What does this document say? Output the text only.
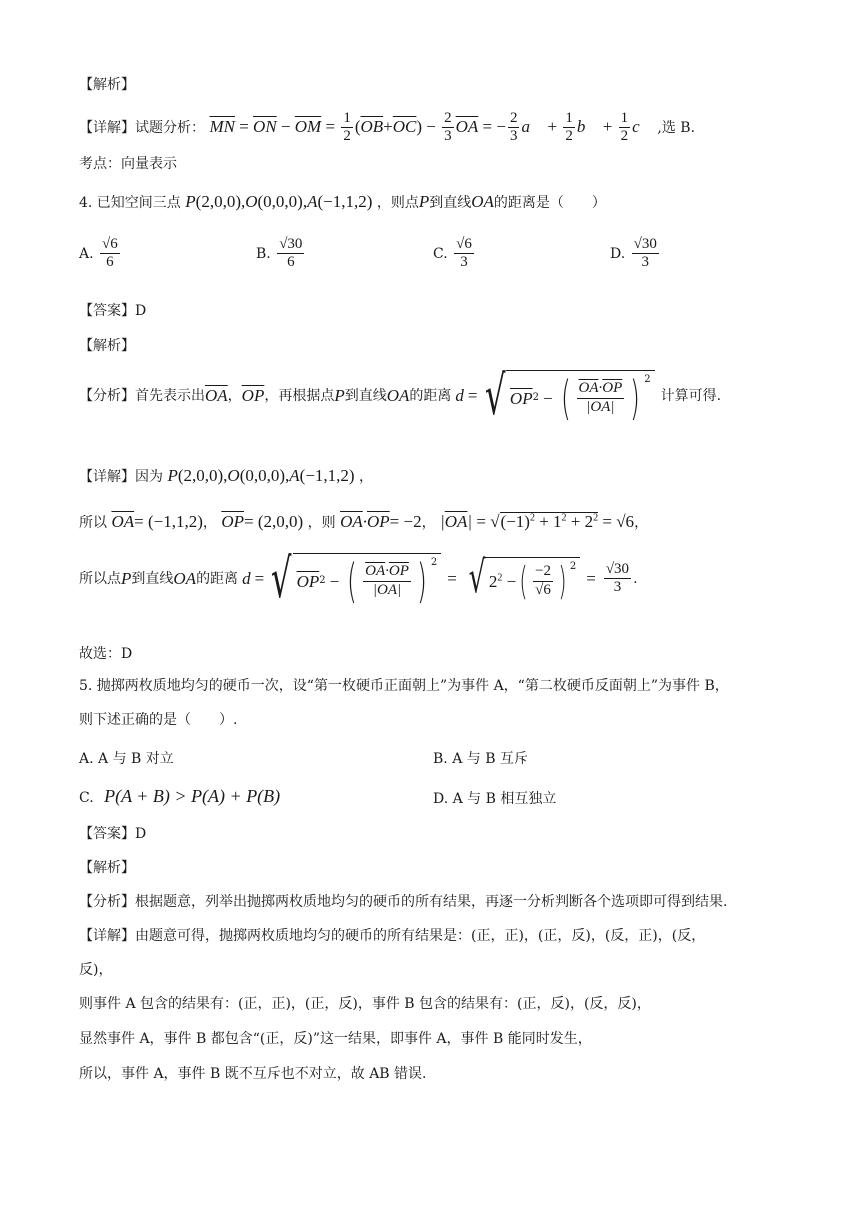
【解析】
【详解】试题分析： $\overline{MN} = \overline{ON} - \overline{OM} = \frac{1}{2} (\overline{OB}+\overline{OC}) - \frac{2}{3} \overline{OA}$ = − $\frac{2}{3}$ a⃗ + $\frac{1}{2}$ b⃗ + $\frac{1}{2}$ c⃗ ,选 B.
考点：向量表示
4. 已知空间三点 P(2,0,0),O(0,0,0),A(−1,1,2) ，则点P到直线OA的距离是（　　）
A. $\frac{√6}{6}$	B. $\frac{√30}{6}$	C. $\frac{√6}{3}$	D. $\frac{√30}{3}$
【答案】D
【解析】
【分析】首先表示出 $\overline{OA}$ ， $\overline{OP}$ ，再根据点 P 到直线 OA 的距离 d = √ OP 2 − ( $\frac{\overline{OA}\cdot\overline{OP}}{|\overline{OA}|}$ ) $^2$
计算可得.
【详解】因为 P(2,0,0),O(0,0,0),A(−1,1,2) ，
所以 $\overline{OA}= (-1,1,2)$， $\overline{OP}= (2,0,0)$ ，则 $\overline{OA}\cdot\overline{OP}= -2$， $|\overline{OA}| = √(-1)^2 + 1^2 + 2^2 = √6$，
所以点 P 到直线 OA 的距离 d = √ OP 2 − ( $\frac{\overline{OA}\cdot\overline{OP}}{|\overline{OA}|}$ ) $^2$
= √ $2^2$ − ( $\frac{-2}{√6}$ ) $^2$
= $\frac{√30}{3}$ .
故选：D
5. 抛掷两枚质地均匀的硬币一次，设“第一枚硬币正面朝上”为事件 A，“第二枚硬币反面朝上”为事件 B，
则下述正确的是（　　）.
A. A 与 B 对立	B. A 与 B 互斥
C. P(A + B) > P(A) + P(B)	D. A 与 B 相互独立
【答案】D
【解析】
【分析】根据题意，列举出抛掷两枚质地均匀的硬币的所有结果，再逐一分析判断各个选项即可得到结果.
【详解】由题意可得，抛掷两枚质地均匀的硬币的所有结果是：(正，正)，(正，反)，(反，正)，(反，
反)，
则事件 A 包含的结果有：(正，正)，(正，反)，事件 B 包含的结果有：(正，反)，(反，反)，
显然事件 A，事件 B 都包含“(正，反)”这一结果，即事件 A，事件 B 能同时发生，
所以，事件 A，事件 B 既不互斥也不对立，故 AB 错误.
